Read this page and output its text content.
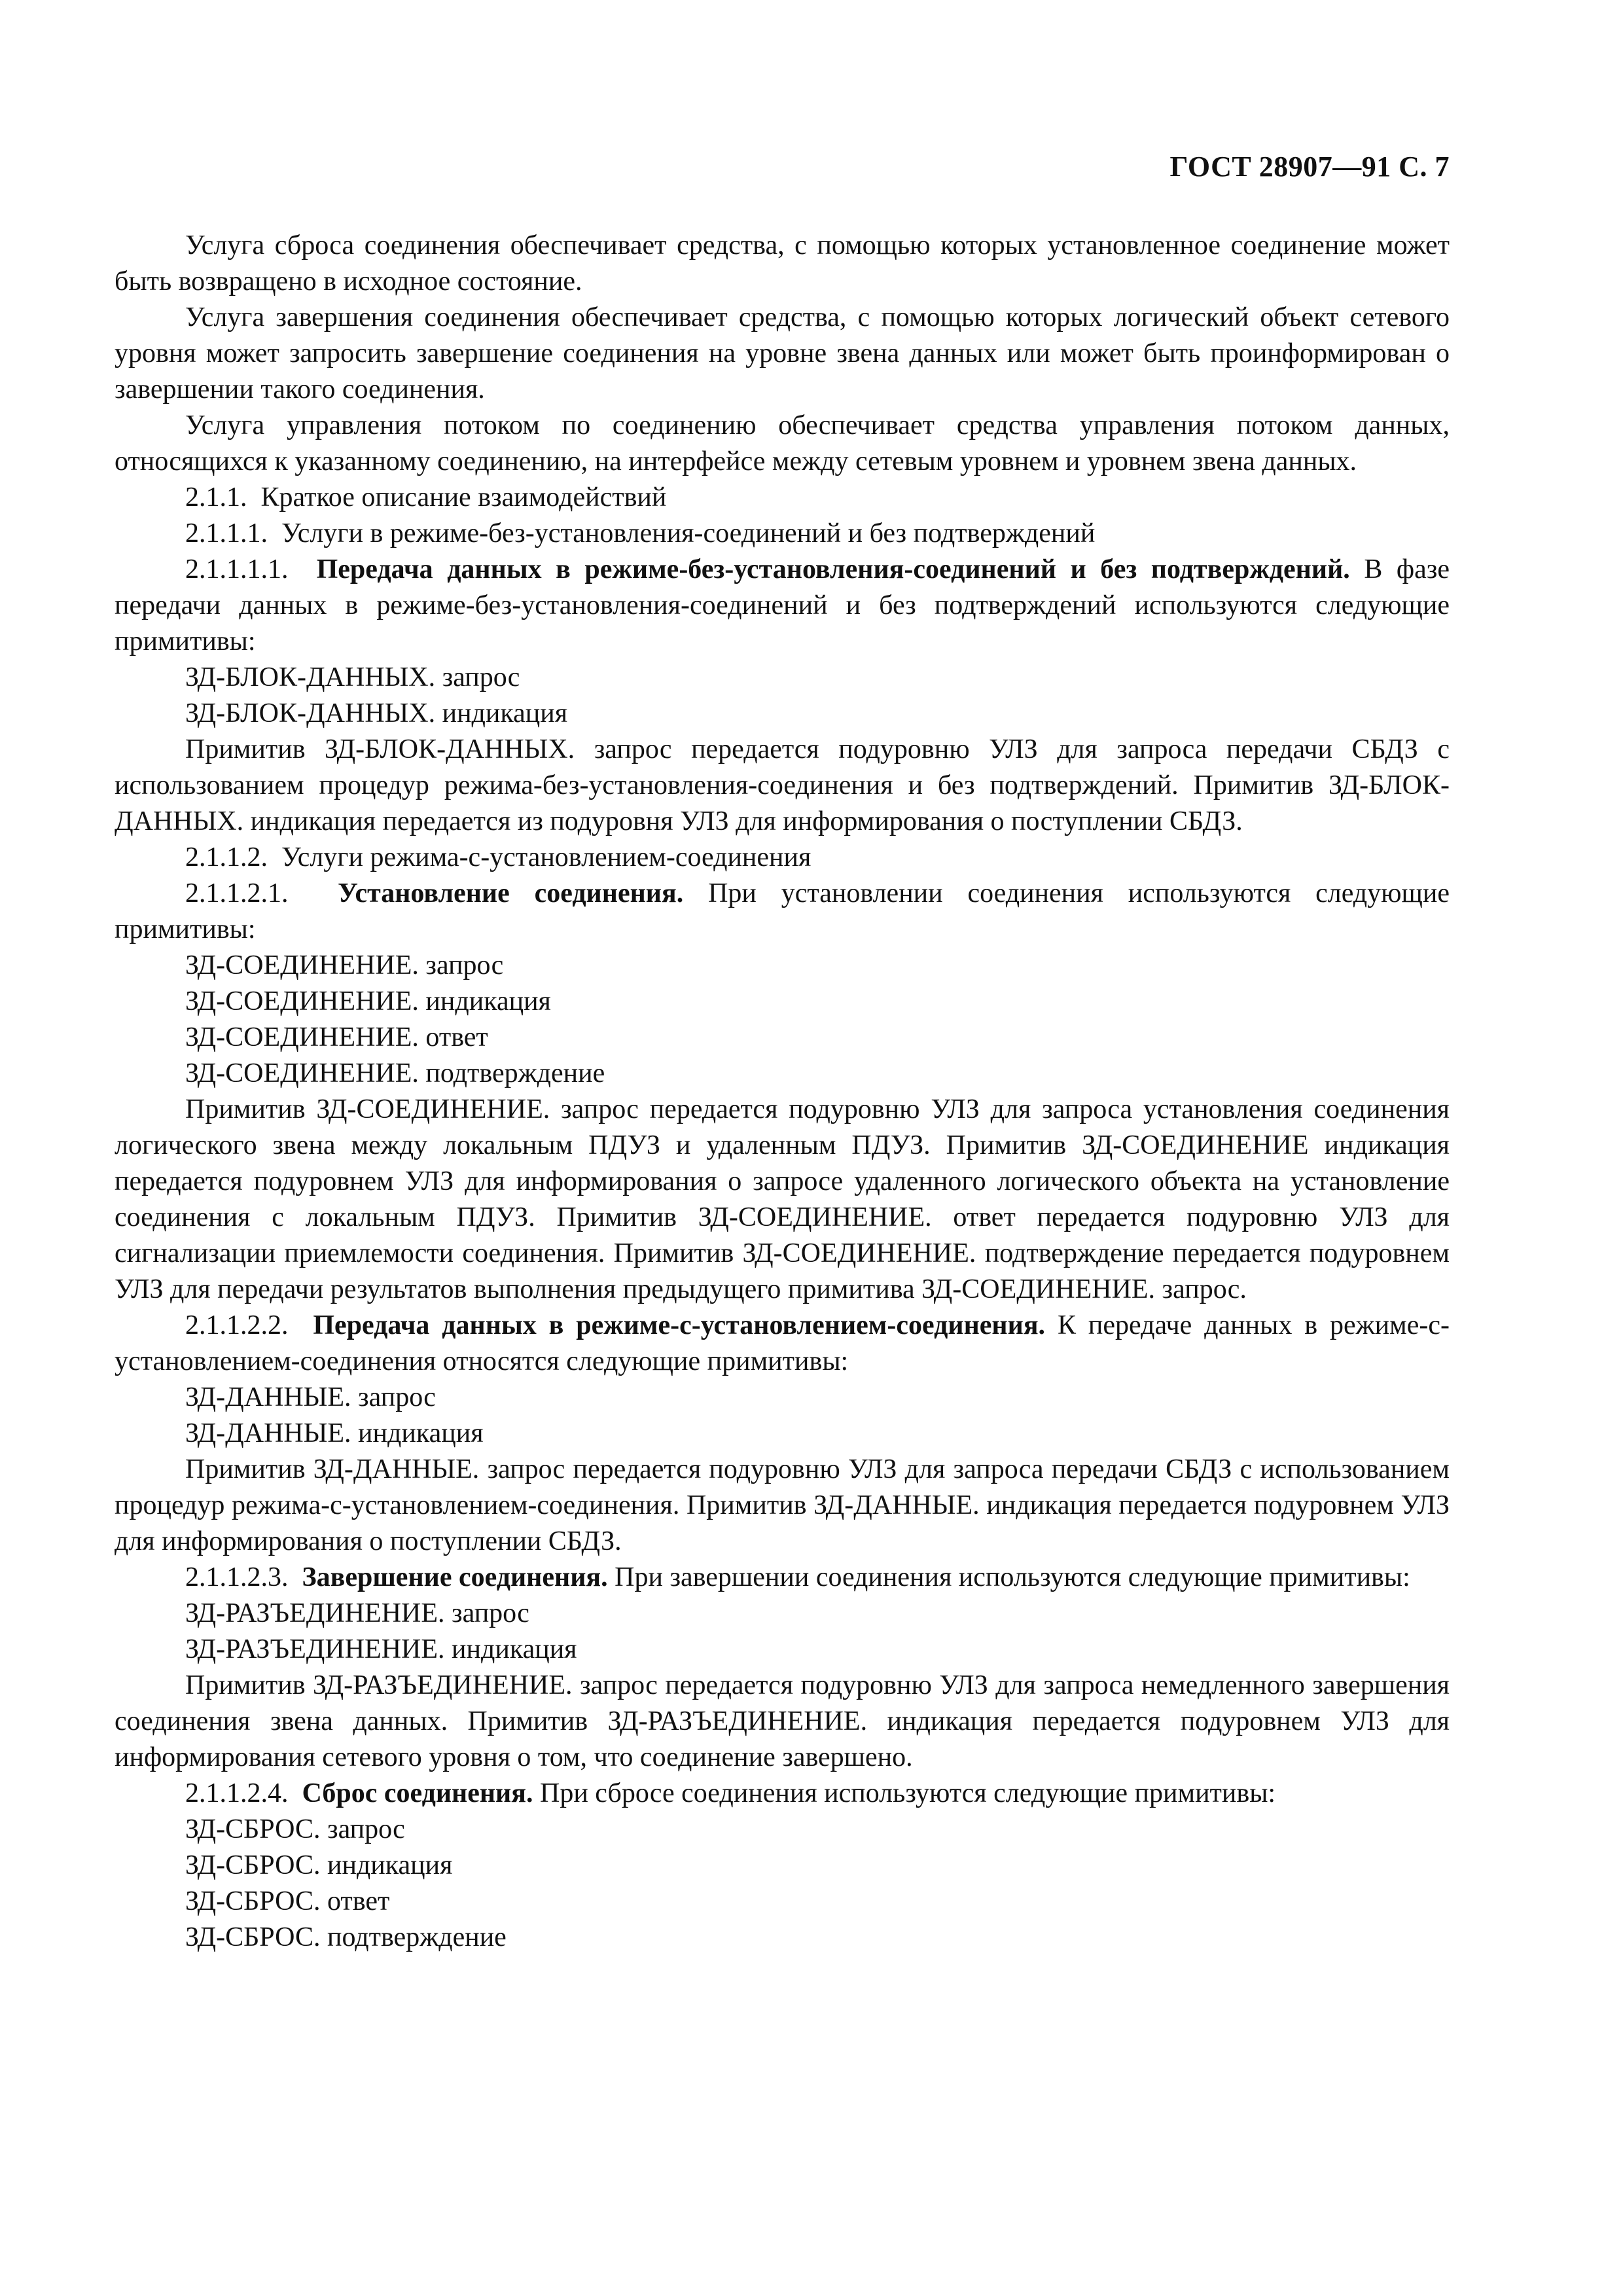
ГОСТ 28907—91 С. 7

Услуга сброса соединения обеспечивает средства, с помощью которых установленное соединение может быть возвращено в исходное состояние.

Услуга завершения соединения обеспечивает средства, с помощью которых логический объект сетевого уровня может запросить завершение соединения на уровне звена данных или может быть проинформирован о завершении такого соединения.

Услуга управления потоком по соединению обеспечивает средства управления потоком данных, относящихся к указанному соединению, на интерфейсе между сетевым уровнем и уровнем звена данных.

2.1.1. Краткое описание взаимодействий

2.1.1.1. Услуги в режиме-без-установления-соединений и без подтверждений

2.1.1.1.1. Передача данных в режиме-без-установления-соединений и без подтверждений. В фазе передачи данных в режиме-без-установления-соединений и без подтверждений используются следующие примитивы:

ЗД-БЛОК-ДАННЫХ. запрос

ЗД-БЛОК-ДАННЫХ. индикация

Примитив ЗД-БЛОК-ДАННЫХ. запрос передается подуровню УЛЗ для запроса передачи СБДЗ с использованием процедур режима-без-установления-соединения и без подтверждений. Примитив ЗД-БЛОК-ДАННЫХ. индикация передается из подуровня УЛЗ для информирования о поступлении СБДЗ.

2.1.1.2. Услуги режима-с-установлением-соединения

2.1.1.2.1. Установление соединения. При установлении соединения используются следующие примитивы:

ЗД-СОЕДИНЕНИЕ. запрос

ЗД-СОЕДИНЕНИЕ. индикация

ЗД-СОЕДИНЕНИЕ. ответ

ЗД-СОЕДИНЕНИЕ. подтверждение

Примитив ЗД-СОЕДИНЕНИЕ. запрос передается подуровню УЛЗ для запроса установления соединения логического звена между локальным ПДУЗ и удаленным ПДУЗ. Примитив ЗД-СОЕДИНЕНИЕ индикация передается подуровнем УЛЗ для информирования о запросе удаленного логического объекта на установление соединения с локальным ПДУЗ. Примитив ЗД-СОЕДИНЕНИЕ. ответ передается подуровню УЛЗ для сигнализации приемлемости соединения. Примитив ЗД-СОЕДИНЕНИЕ. подтверждение передается подуровнем УЛЗ для передачи результатов выполнения предыдущего примитива ЗД-СОЕДИНЕНИЕ. запрос.

2.1.1.2.2. Передача данных в режиме-с-установлением-соединения. К передаче данных в режиме-с-установлением-соединения относятся следующие примитивы:

ЗД-ДАННЫЕ. запрос

ЗД-ДАННЫЕ. индикация

Примитив ЗД-ДАННЫЕ. запрос передается подуровню УЛЗ для запроса передачи СБДЗ с использованием процедур режима-с-установлением-соединения. Примитив ЗД-ДАННЫЕ. индикация передается подуровнем УЛЗ для информирования о поступлении СБДЗ.

2.1.1.2.3. Завершение соединения. При завершении соединения используются следующие примитивы:

ЗД-РАЗЪЕДИНЕНИЕ. запрос

ЗД-РАЗЪЕДИНЕНИЕ. индикация

Примитив ЗД-РАЗЪЕДИНЕНИЕ. запрос передается подуровню УЛЗ для запроса немедленного завершения соединения звена данных. Примитив ЗД-РАЗЪЕДИНЕНИЕ. индикация передается подуровнем УЛЗ для информирования сетевого уровня о том, что соединение завершено.

2.1.1.2.4. Сброс соединения. При сбросе соединения используются следующие примитивы:

ЗД-СБРОС. запрос

ЗД-СБРОС. индикация

ЗД-СБРОС. ответ

ЗД-СБРОС. подтверждение
